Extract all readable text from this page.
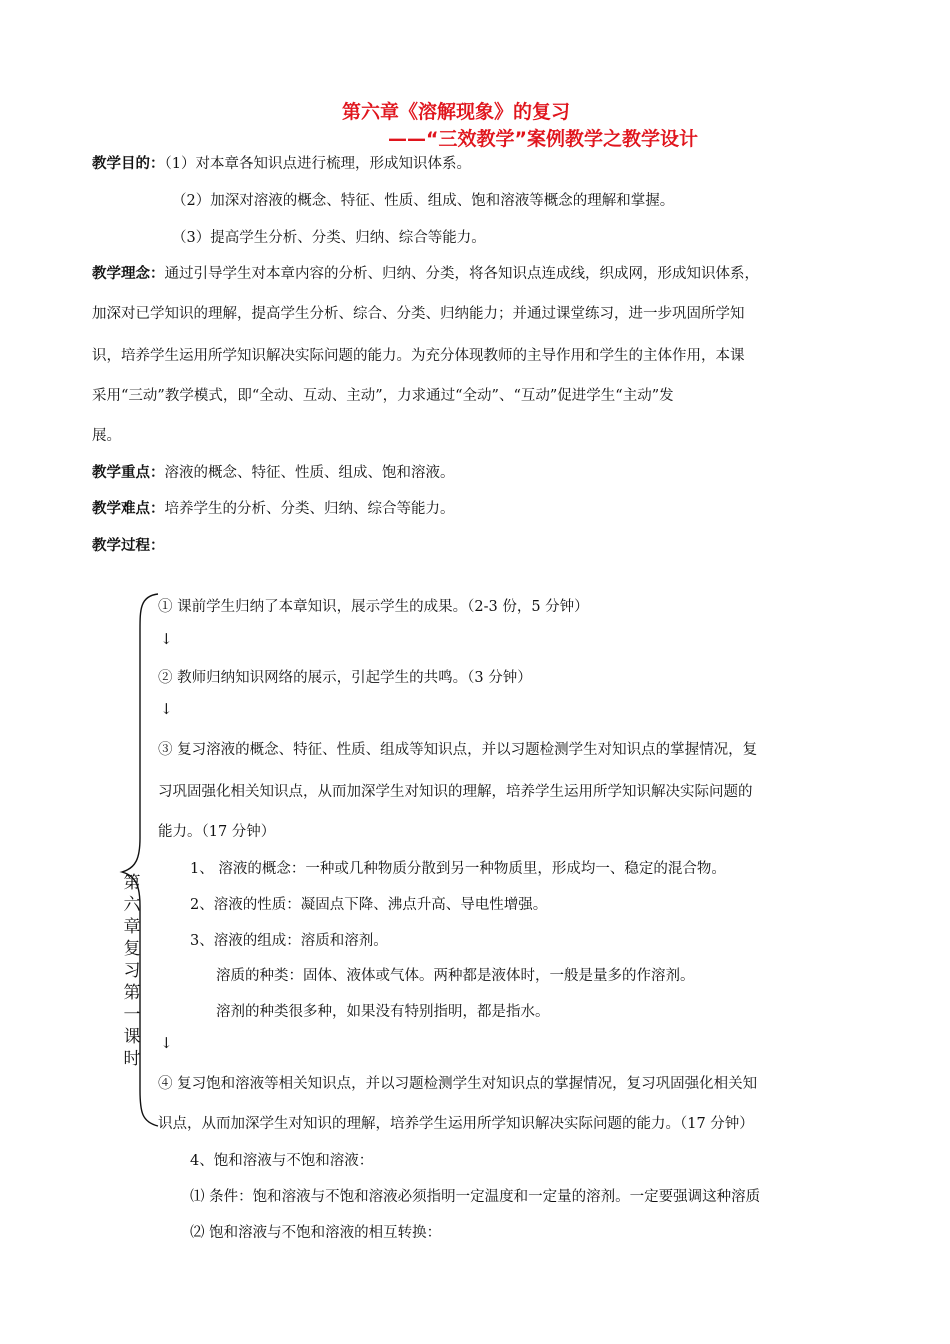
第六章《溶解现象》的复习
——“三效教学”案例教学之教学设计
教学目的：（1）对本章各知识点进行梳理，形成知识体系。
（2）加深对溶液的概念、特征、性质、组成、饱和溶液等概念的理解和掌握。
（3）提高学生分析、分类、归纳、综合等能力。
教学理念：通过引导学生对本章内容的分析、归纳、分类，将各知识点连成线，织成网，形成知识体系，
加深对已学知识的理解，提高学生分析、综合、分类、归纳能力；并通过课堂练习，进一步巩固所学知
识，培养学生运用所学知识解决实际问题的能力。为充分体现教师的主导作用和学生的主体作用，本课
采用“三动”教学模式，即“全动、互动、主动”，力求通过“全动”、“互动”促进学生“主动”发
展。
教学重点：溶液的概念、特征、性质、组成、饱和溶液。
教学难点：培养学生的分析、分类、归纳、综合等能力。
教学过程：
第六章复习 第一课时
① 课前学生归纳了本章知识，展示学生的成果。（2-3 份，5 分钟）
↓
② 教师归纳知识网络的展示，引起学生的共鸣。（3 分钟）
↓
③ 复习溶液的概念、特征、性质、组成等知识点，并以习题检测学生对知识点的掌握情况，复
习巩固强化相关知识点，从而加深学生对知识的理解，培养学生运用所学知识解决实际问题的
能力。（17 分钟）
1、 溶液的概念：一种或几种物质分散到另一种物质里，形成均一、稳定的混合物。
2、溶液的性质：凝固点下降、沸点升高、导电性增强。
3、溶液的组成：溶质和溶剂。
溶质的种类：固体、液体或气体。两种都是液体时，一般是量多的作溶剂。
溶剂的种类很多种，如果没有特别指明，都是指水。
↓
④ 复习饱和溶液等相关知识点，并以习题检测学生对知识点的掌握情况，复习巩固强化相关知
识点，从而加深学生对知识的理解，培养学生运用所学知识解决实际问题的能力。（17 分钟）
4、饱和溶液与不饱和溶液：
⑴ 条件：饱和溶液与不饱和溶液必须指明一定温度和一定量的溶剂。一定要强调这种溶质
⑵ 饱和溶液与不饱和溶液的相互转换：
